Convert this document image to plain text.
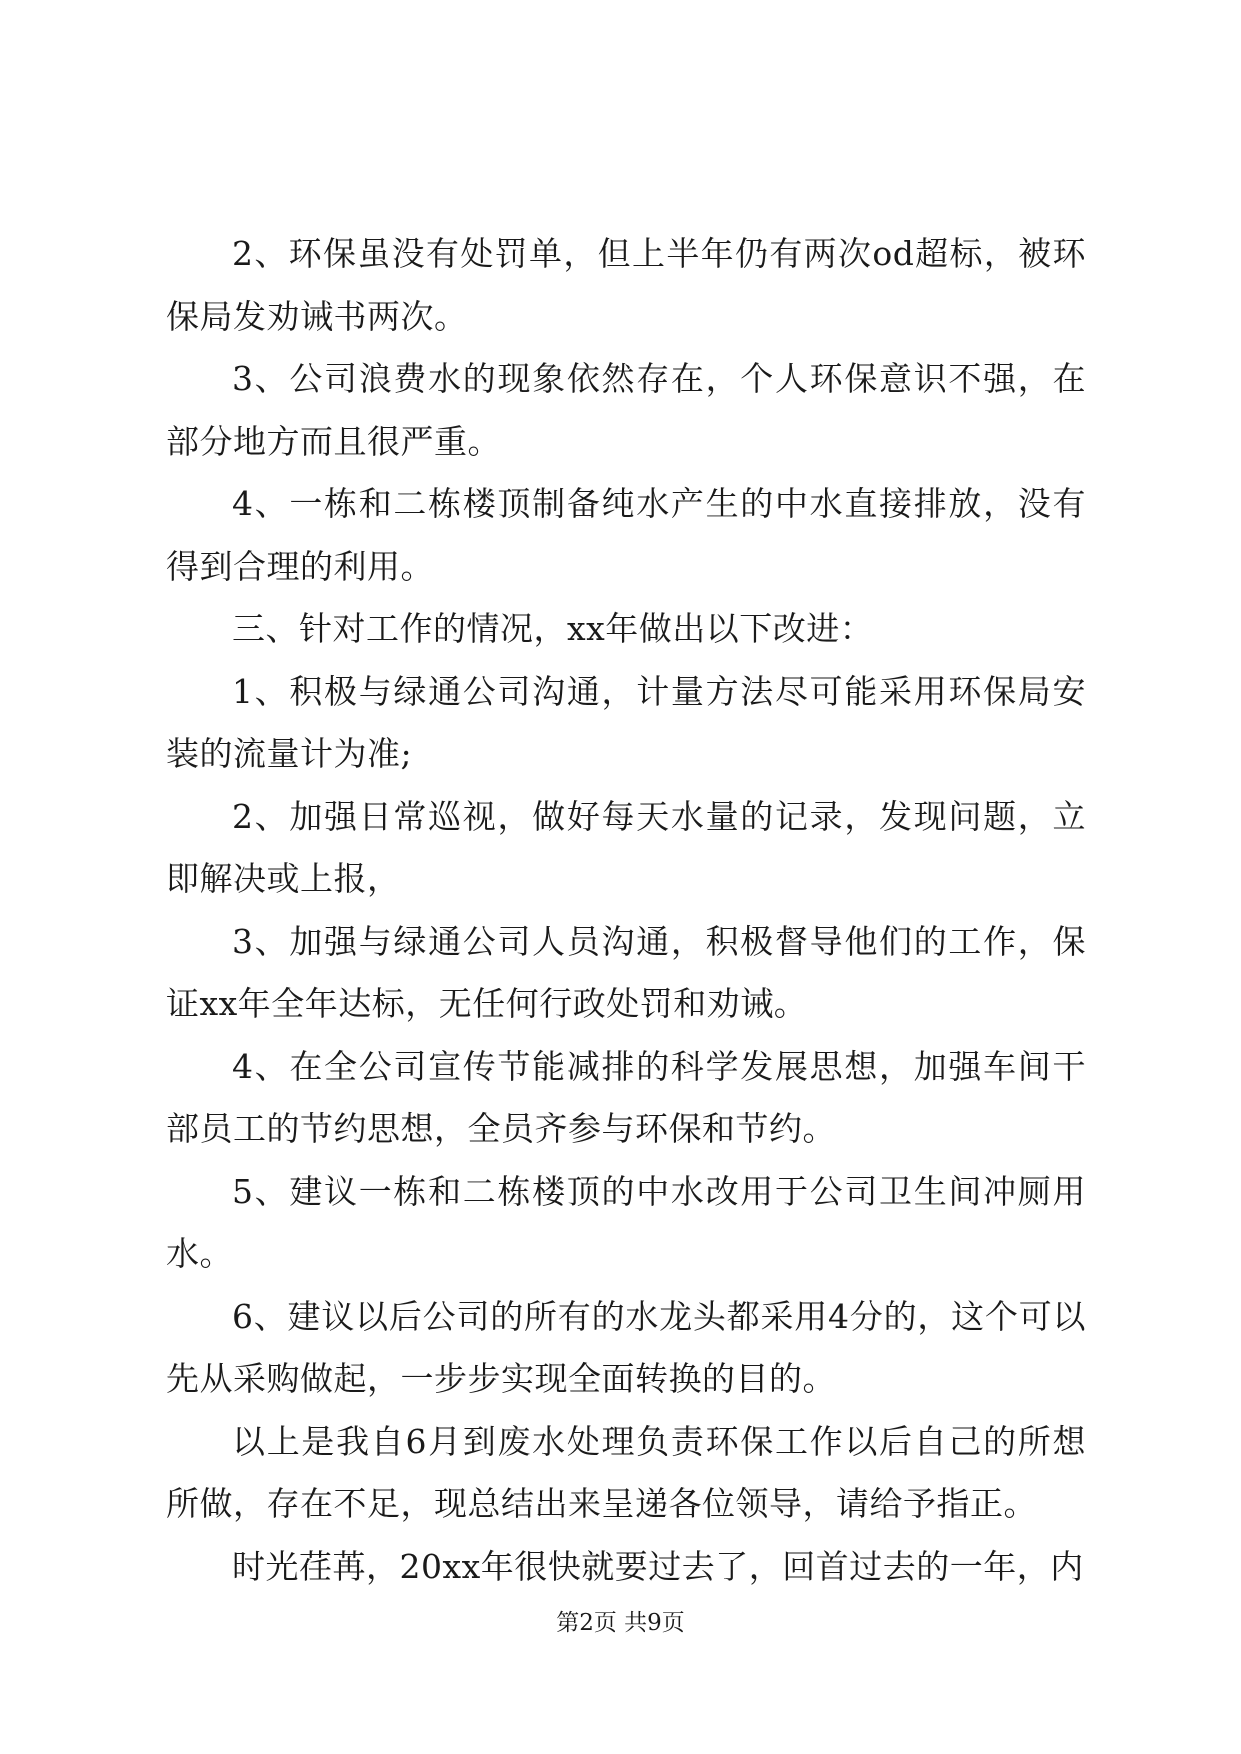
2、环保虽没有处罚单，但上半年仍有两次od超标，被环保局发劝诫书两次。

3、公司浪费水的现象依然存在，个人环保意识不强，在部分地方而且很严重。

4、一栋和二栋楼顶制备纯水产生的中水直接排放，没有得到合理的利用。

三、针对工作的情况，xx年做出以下改进：

1、积极与绿通公司沟通，计量方法尽可能采用环保局安装的流量计为准;

2、加强日常巡视，做好每天水量的记录，发现问题，立即解决或上报，

3、加强与绿通公司人员沟通，积极督导他们的工作，保证xx年全年达标，无任何行政处罚和劝诫。

4、在全公司宣传节能减排的科学发展思想，加强车间干部员工的节约思想，全员齐参与环保和节约。

5、建议一栋和二栋楼顶的中水改用于公司卫生间冲厕用水。

6、建议以后公司的所有的水龙头都采用4分的，这个可以先从采购做起，一步步实现全面转换的目的。

以上是我自6月到废水处理负责环保工作以后自己的所想所做，存在不足，现总结出来呈递各位领导，请给予指正。

时光荏苒，20xx年很快就要过去了，回首过去的一年，内

第2页 共9页
